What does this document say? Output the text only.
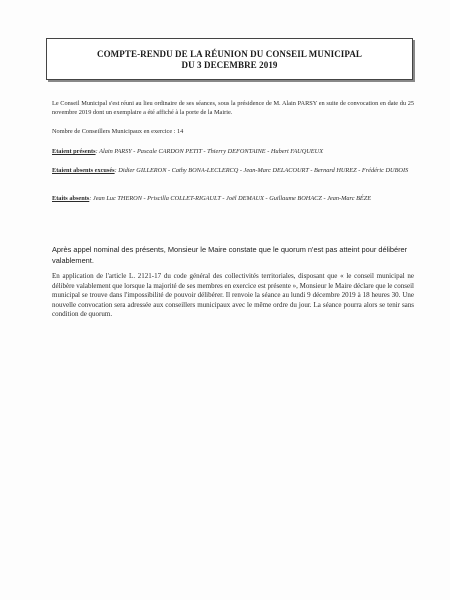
COMPTE-RENDU DE LA RÉUNION DU CONSEIL MUNICIPAL
DU 3 DECEMBRE 2019
Le Conseil Municipal s'est réuni au lieu ordinaire de ses séances, sous la présidence de M. Alain PARSY en suite de convocation en date du 25 novembre 2019 dont un exemplaire a été affiché à la porte de la Mairie.
Nombre de Conseillers Municipaux en exercice : 14
Etaient présents: Alain PARSY - Pascale CARDON PETIT - Thierry DEFONTAINE - Hubert FAUQUEUX
Etaient absents excusés: Didier GILLERON - Cathy BONA-LECLERCQ - Jean-Marc DELACOURT - Bernard HUREZ - Frédéric DUBOIS
Etaits absents: Jean Luc THERON - Priscilla COLLET-RIGAULT - Joël DEMAUX - Guillaume BOHACZ - Jean-Marc BÉZE
Après appel nominal des présents, Monsieur le Maire constate que le quorum n'est pas atteint pour délibérer valablement.
En application de l'article L. 2121-17 du code général des collectivités territoriales, disposant que « le conseil municipal ne délibère valablement que lorsque la majorité de ses membres en exercice est présente », Monsieur le Maire déclare que le conseil municipal se trouve dans l'impossibilité de pouvoir délibérer. Il renvoie la séance au lundi 9 décembre 2019 à 18 heures 30. Une nouvelle convocation sera adressée aux conseillers municipaux avec le même ordre du jour. La séance pourra alors se tenir sans condition de quorum.
